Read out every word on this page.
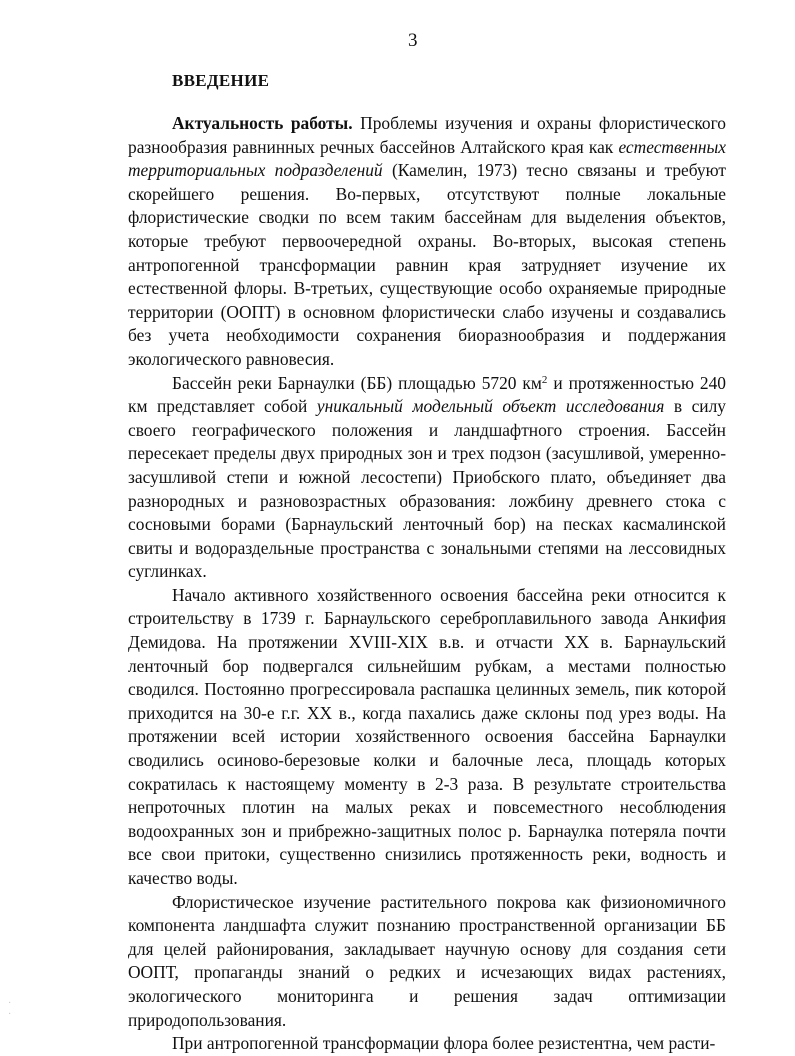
3
ВВЕДЕНИЕ

Актуальность работы. Проблемы изучения и охраны флористического разнообразия равнинных речных бассейнов Алтайского края как естественных территориальных подразделений (Камелин, 1973) тесно связаны и требуют скорейшего решения. Во-первых, отсутствуют полные локальные флористические сводки по всем таким бассейнам для выделения объектов, которые требуют первоочередной охраны. Во-вторых, высокая степень антропогенной трансформации равнин края затрудняет изучение их естественной флоры. В-третьих, существующие особо охраняемые природные территории (ООПТ) в основном флористически слабо изучены и создавались без учета необходимости сохранения биоразнообразия и поддержания экологического равновесия.

Бассейн реки Барнаулки (ББ) площадью 5720 $км^2$ и протяженностью 240 км представляет собой уникальный модельный объект исследования в силу своего географического положения и ландшафтного строения. Бассейн пересекает пределы двух природных зон и трех подзон (засушливой, умеренно-засушливой степи и южной лесостепи) Приобского плато, объединяет два разнородных и разновозрастных образования: ложбину древнего стока с сосновыми борами (Барнаульский ленточный бор) на песках касмалинской свиты и водораздельные пространства с зональными степями на лессовидных суглинках.

Начало активного хозяйственного освоения бассейна реки относится к строительству в 1739 г. Барнаульского сереброплавильного завода Анкифия Демидова. На протяжении XVIII-XIX в.в. и отчасти XX в. Барнаульский ленточный бор подвергался сильнейшим рубкам, а местами полностью сводился. Постоянно прогрессировала распашка целинных земель, пик которой приходится на 30-е г.г. XX в., когда пахались даже склоны под урез воды. На протяжении всей истории хозяйственного освоения бассейна Барнаулки сводились осиново-березовые колки и балочные леса, площадь которых сократилась к настоящему моменту в 2-3 раза. В результате строительства непроточных плотин на малых реках и повсеместного несоблюдения водоохранных зон и прибрежно-защитных полос р. Барнаулка потеряла почти все свои притоки, существенно снизились протяженность реки, водность и качество воды.

Флористическое изучение растительного покрова как физиономичного компонента ландшафта служит познанию пространственной организации ББ для целей районирования, закладывает научную основу для создания сети ООПТ, пропаганды знаний о редких и исчезающих видах растениях, экологического мониторинга и решения задач оптимизации природопользования.

При антропогенной трансформации флора более резистентна, чем расти-

·
·
